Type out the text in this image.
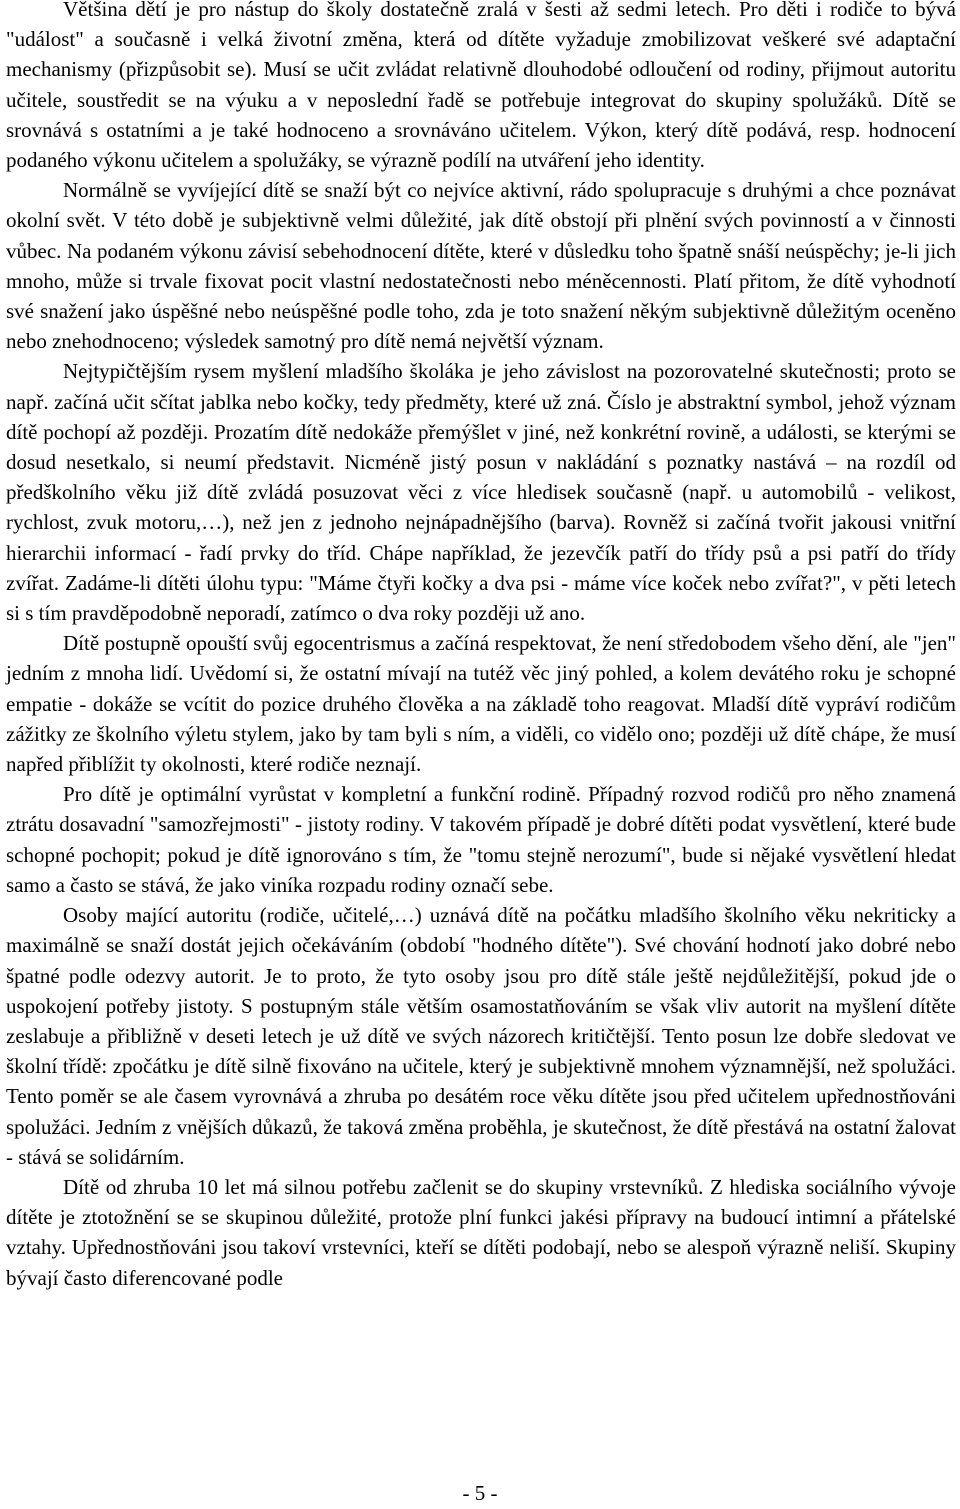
Většina dětí je pro nástup do školy dostatečně zralá v šesti až sedmi letech. Pro děti i rodiče to bývá "událost" a současně i velká životní změna, která od dítěte vyžaduje zmobilizovat veškeré své adaptační mechanismy (přizpůsobit se). Musí se učit zvládat relativně dlouhodobé odloučení od rodiny, přijmout autoritu učitele, soustředit se na výuku a v neposlední řadě se potřebuje integrovat do skupiny spolužáků. Dítě se srovnává s ostatními a je také hodnoceno a srovnáváno učitelem. Výkon, který dítě podává, resp. hodnocení podaného výkonu učitelem a spolužáky, se výrazně podílí na utváření jeho identity.

Normálně se vyvíjející dítě se snaží být co nejvíce aktivní, rádo spolupracuje s druhými a chce poznávat okolní svět. V této době je subjektivně velmi důležité, jak dítě obstojí při plnění svých povinností a v činnosti vůbec. Na podaném výkonu závisí sebehodnocení dítěte, které v důsledku toho špatně snáší neúspěchy; je-li jich mnoho, může si trvale fixovat pocit vlastní nedostatečnosti nebo méněcennosti. Platí přitom, že dítě vyhodnotí své snažení jako úspěšné nebo neúspěšné podle toho, zda je toto snažení někým subjektivně důležitým oceněno nebo znehodnoceno; výsledek samotný pro dítě nemá největší význam.

Nejtypičtějším rysem myšlení mladšího školáka je jeho závislost na pozorovatelné skutečnosti; proto se např. začíná učit sčítat jablka nebo kočky, tedy předměty, které už zná. Číslo je abstraktní symbol, jehož význam dítě pochopí až později. Prozatím dítě nedokáže přemýšlet v jiné, než konkrétní rovině, a události, se kterými se dosud nesetkalo, si neumí představit. Nicméně jistý posun v nakládání s poznatky nastává – na rozdíl od předškolního věku již dítě zvládá posuzovat věci z více hledisek současně (např. u automobilů - velikost, rychlost, zvuk motoru,…), než jen z jednoho nejnápadnějšího (barva). Rovněž si začíná tvořit jakousi vnitřní hierarchii informací - řadí prvky do tříd. Chápe například, že jezevčík patří do třídy psů a psi patří do třídy zvířat. Zadáme-li dítěti úlohu typu: "Máme čtyři kočky a dva psi - máme více koček nebo zvířat?", v pěti letech si s tím pravděpodobně neporadí, zatímco o dva roky později už ano.

Dítě postupně opouští svůj egocentrismus a začíná respektovat, že není středobodem všeho dění, ale "jen" jedním z mnoha lidí. Uvědomí si, že ostatní mívají na tutéž věc jiný pohled, a kolem devátého roku je schopné empatie - dokáže se vcítit do pozice druhého člověka a na základě toho reagovat. Mladší dítě vypráví rodičům zážitky ze školního výletu stylem, jako by tam byli s ním, a viděli, co vidělo ono; později už dítě chápe, že musí napřed přiblížit ty okolnosti, které rodiče neznají.

Pro dítě je optimální vyrůstat v kompletní a funkční rodině. Případný rozvod rodičů pro něho znamená ztrátu dosavadní "samozřejmosti" - jistoty rodiny. V takovém případě je dobré dítěti podat vysvětlení, které bude schopné pochopit; pokud je dítě ignorováno s tím, že "tomu stejně nerozumí", bude si nějaké vysvětlení hledat samo a často se stává, že jako viníka rozpadu rodiny označí sebe.

Osoby mající autoritu (rodiče, učitelé,…) uznává dítě na počátku mladšího školního věku nekriticky a maximálně se snaží dostát jejich očekáváním (období "hodného dítěte"). Své chování hodnotí jako dobré nebo špatné podle odezvy autorit. Je to proto, že tyto osoby jsou pro dítě stále ještě nejdůležitější, pokud jde o uspokojení potřeby jistoty. S postupným stále větším osamostatňováním se však vliv autorit na myšlení dítěte zeslabuje a přibližně v deseti letech je už dítě ve svých názorech kritičtější. Tento posun lze dobře sledovat ve školní třídě: zpočátku je dítě silně fixováno na učitele, který je subjektivně mnohem významnější, než spolužáci. Tento poměr se ale časem vyrovnává a zhruba po desátém roce věku dítěte jsou před učitelem upřednostňováni spolužáci. Jedním z vnějších důkazů, že taková změna proběhla, je skutečnost, že dítě přestává na ostatní žalovat - stává se solidárním.

Dítě od zhruba 10 let má silnou potřebu začlenit se do skupiny vrstevníků. Z hlediska sociálního vývoje dítěte je ztotožnění se se skupinou důležité, protože plní funkci jakési přípravy na budoucí intimní a přátelské vztahy. Upřednostňováni jsou takoví vrstevníci, kteří se dítěti podobají, nebo se alespoň výrazně neliší. Skupiny bývají často diferencované podle

- 5 -
